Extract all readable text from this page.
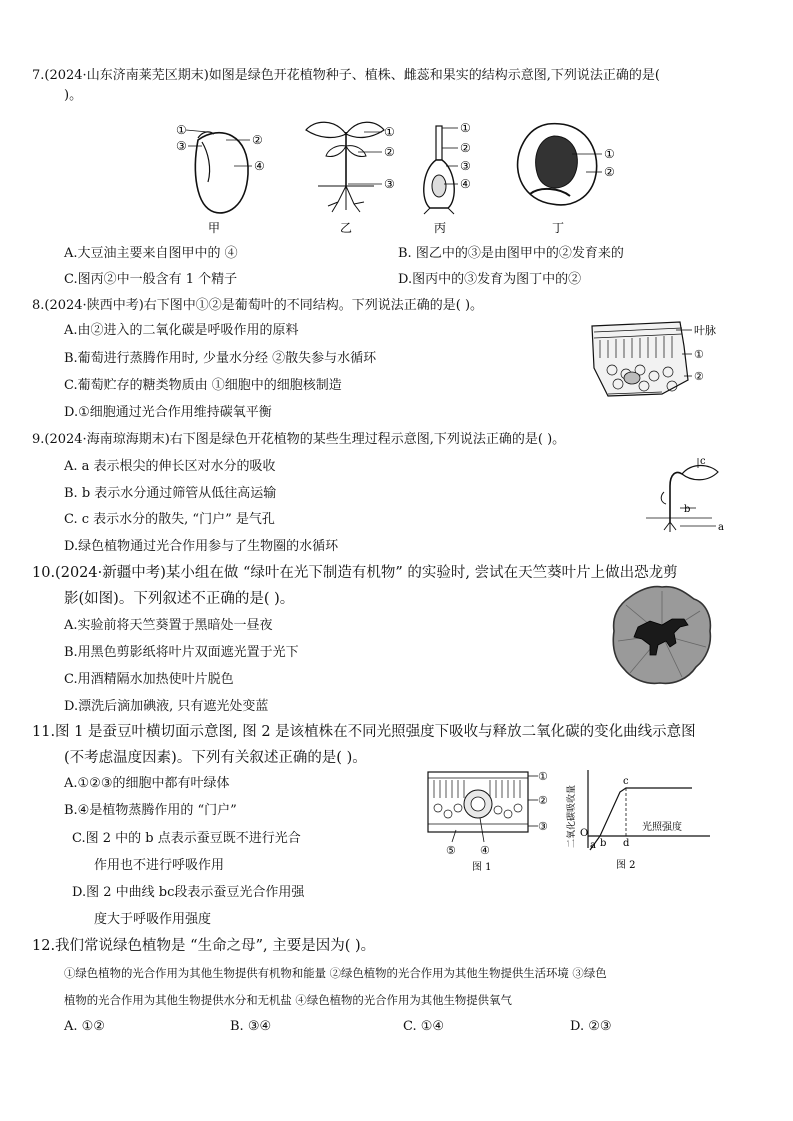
7.(2024·山东济南莱芜区期末)如图是绿色开花植物种子、植株、雌蕊和果实的结构示意图,下列说法正确的是(
)。
①
③	②
④
甲
①
②
③
乙
①
②
③
④
丙
①
②
丁
A.大豆油主要来自图甲中的 ④	B. 图乙中的③是由图甲中的②发育来的
C.图丙②中一般含有 1 个精子	D.图丙中的③发育为图丁中的②
8.(2024·陕西中考)右下图中①②是葡萄叶的不同结构。下列说法正确的是( )。
A.由②进入的二氧化碳是呼吸作用的原料
B.葡萄进行蒸腾作用时, 少量水分经 ②散失参与水循环
C.葡萄贮存的糖类物质由 ①细胞中的细胞核制造
D.①细胞通过光合作用维持碳氧平衡
叶脉
①
②
9.(2024·海南琼海期末)右下图是绿色开花植物的某些生理过程示意图,下列说法正确的是( )。
A. a 表示根尖的伸长区对水分的吸收
B. b 表示水分通过筛管从低往高运输
C. c 表示水分的散失, “门户” 是气孔
D.绿色植物通过光合作用参与了生物圈的水循环
c
b
a
10.(2024·新疆中考)某小组在做 “绿叶在光下制造有机物” 的实验时, 尝试在天竺葵叶片上做出恐龙剪
影(如图)。下列叙述不正确的是( )。
A.实验前将天竺葵置于黑暗处一昼夜
B.用黑色剪影纸将叶片双面遮光置于光下
C.用酒精隔水加热使叶片脱色
D.漂洗后滴加碘液, 只有遮光处变蓝
11.图 1 是蚕豆叶横切面示意图, 图 2 是该植株在不同光照强度下吸收与释放二氧化碳的变化曲线示意图
(不考虑温度因素)。下列有关叙述正确的是( )。
A.①②③的细胞中都有叶绿体
B.④是植物蒸腾作用的 “门户”
C.图 2 中的 b 点表示蚕豆既不进行光合
作用也不进行呼吸作用
D.图 2 中曲线 bc段表示蚕豆光合作用强
度大于呼吸作用强度
①
②
③
⑤ ④
图 1
O
a b
c
d
光照强度
二氧化碳吸收量
图 2
12.我们常说绿色植物是 “生命之母”, 主要是因为( )。
①绿色植物的光合作用为其他生物提供有机物和能量 ②绿色植物的光合作用为其他生物提供生活环境 ③绿色
植物的光合作用为其他生物提供水分和无机盐 ④绿色植物的光合作用为其他生物提供氧气
A. ①②	B. ③④	C. ①④	D. ②③
